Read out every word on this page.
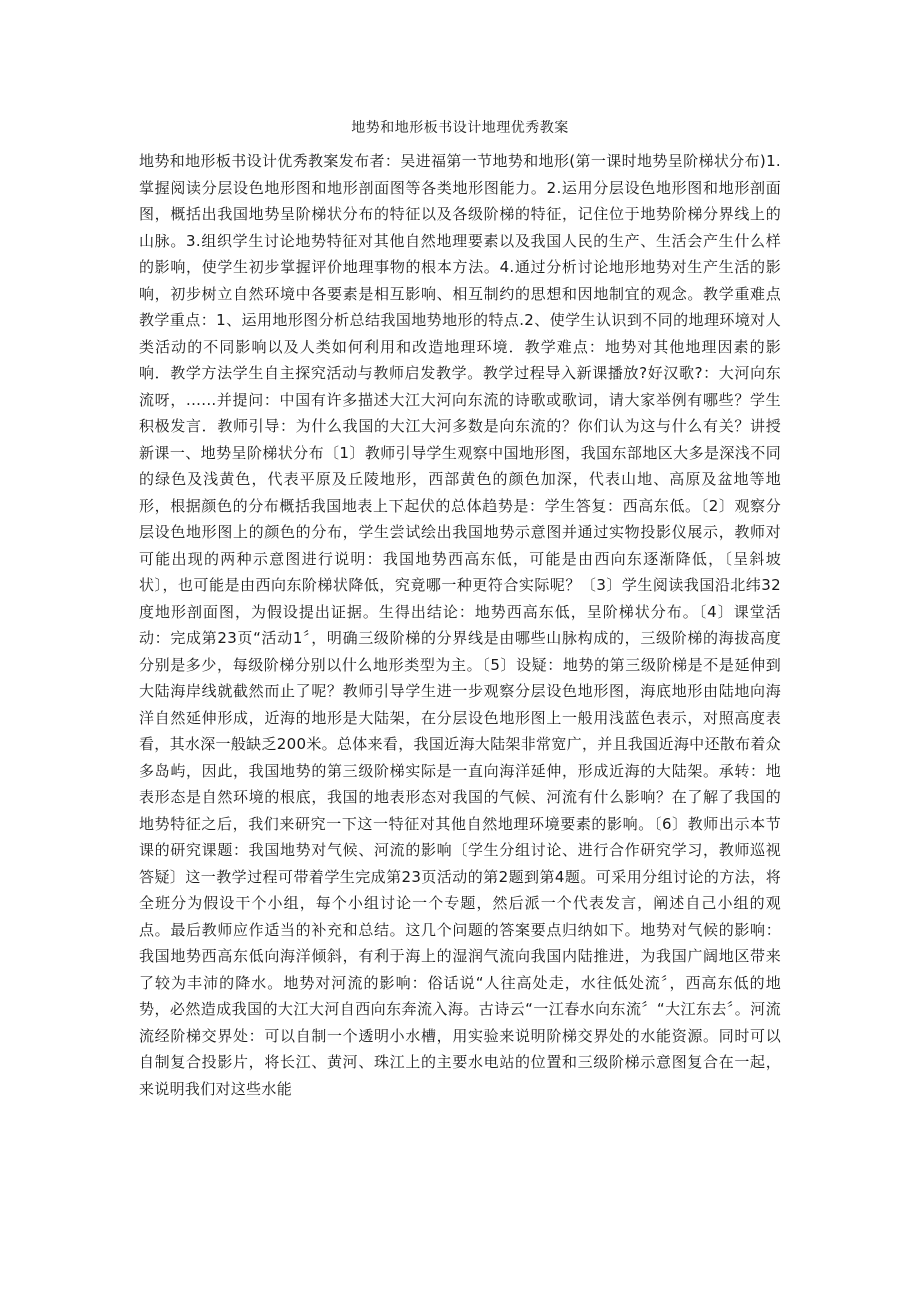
地势和地形板书设计地理优秀教案

地势和地形板书设计优秀教案发布者：吴进福第一节地势和地形(第一课时地势呈阶梯状分布)1.掌握阅读分层设色地形图和地形剖面图等各类地形图能力。2.运用分层设色地形图和地形剖面图，概括出我国地势呈阶梯状分布的特征以及各级阶梯的特征，记住位于地势阶梯分界线上的山脉。3.组织学生讨论地势特征对其他自然地理要素以及我国人民的生产、生活会产生什么样的影响，使学生初步掌握评价地理事物的根本方法。4.通过分析讨论地形地势对生产生活的影响，初步树立自然环境中各要素是相互影响、相互制约的思想和因地制宜的观念。教学重难点教学重点：1、运用地形图分析总结我国地势地形的特点.2、使学生认识到不同的地理环境对人类活动的不同影响以及人类如何利用和改造地理环境．教学难点：地势对其他地理因素的影响．教学方法学生自主探究活动与教师启发教学。教学过程导入新课播放?好汉歌?：大河向东流呀，......并提问：中国有许多描述大江大河向东流的诗歌或歌词，请大家举例有哪些？学生积极发言．教师引导：为什么我国的大江大河多数是向东流的？你们认为这与什么有关？讲授新课一、地势呈阶梯状分布〔1〕教师引导学生观察中国地形图，我国东部地区大多是深浅不同的绿色及浅黄色，代表平原及丘陵地形，西部黄色的颜色加深，代表山地、高原及盆地等地形，根据颜色的分布概括我国地表上下起伏的总体趋势是：学生答复：西高东低。〔2〕观察分层设色地形图上的颜色的分布，学生尝试绘出我国地势示意图并通过实物投影仪展示，教师对可能出现的两种示意图进行说明：我国地势西高东低，可能是由西向东逐渐降低，〔呈斜坡状〕，也可能是由西向东阶梯状降低，究竟哪一种更符合实际呢？〔3〕学生阅读我国沿北纬32度地形剖面图，为假设提出证据。生得出结论：地势西高东低，呈阶梯状分布。〔4〕课堂活动：完成第23页“活动1〞，明确三级阶梯的分界线是由哪些山脉构成的，三级阶梯的海拔高度分别是多少，每级阶梯分别以什么地形类型为主。〔5〕设疑：地势的第三级阶梯是不是延伸到大陆海岸线就截然而止了呢？教师引导学生进一步观察分层设色地形图，海底地形由陆地向海洋自然延伸形成，近海的地形是大陆架，在分层设色地形图上一般用浅蓝色表示，对照高度表看，其水深一般缺乏200米。总体来看，我国近海大陆架非常宽广，并且我国近海中还散布着众多岛屿，因此，我国地势的第三级阶梯实际是一直向海洋延伸，形成近海的大陆架。承转：地表形态是自然环境的根底，我国的地表形态对我国的气候、河流有什么影响？在了解了我国的地势特征之后，我们来研究一下这一特征对其他自然地理环境要素的影响。〔6〕教师出示本节课的研究课题：我国地势对气候、河流的影响〔学生分组讨论、进行合作研究学习，教师巡视答疑〕这一教学过程可带着学生完成第23页活动的第2题到第4题。可采用分组讨论的方法，将全班分为假设干个小组，每个小组讨论一个专题，然后派一个代表发言，阐述自己小组的观点。最后教师应作适当的补充和总结。这几个问题的答案要点归纳如下。地势对气候的影响：我国地势西高东低向海洋倾斜，有利于海上的湿润气流向我国内陆推进，为我国广阔地区带来了较为丰沛的降水。地势对河流的影响：俗话说“人往高处走，水往低处流〞，西高东低的地势，必然造成我国的大江大河自西向东奔流入海。古诗云“一江春水向东流〞“大江东去〞。河流流经阶梯交界处：可以自制一个透明小水槽，用实验来说明阶梯交界处的水能资源。同时可以自制复合投影片，将长江、黄河、珠江上的主要水电站的位置和三级阶梯示意图复合在一起，来说明我们对这些水能
